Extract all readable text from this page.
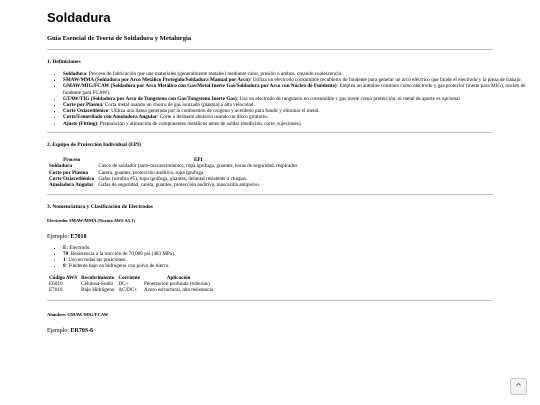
Soldadura
Guía Esencial de Teoría de Soldadura y Metalurgia
1. Definiciones
• Soldadura: Proceso de fabricación que une materiales (generalmente metales) mediante calor, presión o ambos, creando coalescencia.
• SMAW/MMA (Soldadura por Arco Metálico Protegido/Soldadura Manual por Arco): Utiliza un electrodo consumible recubierto de fundente para generar un arco eléctrico que funde el electrodo y la pieza de trabajo.
• GMAW/MIG/FCAW (Soldadura por Arco Metálico con Gas/Metal Inerte Gas/Soldadura por Arco con Núcleo de Fundente): Emplea un alambre continuo como electrodo y gas protector (inerte para MIG), núcleo de fundente para FCAW).
• GTAW/TIG (Soldadura por Arco de Tungsteno con Gas/Tungsteno Inerte Gas): Usa un electrodo de tungsteno no consumible y gas inerte como protección; el metal de aporte es opcional.
• Corte por Plasma: Corta metal usando un chorro de gas ionizado (plasma) a alta velocidad.
• Corte Oxiacetilénico: Utiliza una llama generada por la combustión de oxígeno y acetileno para fundir y eliminar el metal.
• Corte/Esmerilado con Amoladora Angular: Corte o desbaste abrasivo usando un disco giratorio.
• Ajuste (Fitting): Preparación y alineación de componentes metálicos antes de soldar (medición, corte, sujeciones).
2. Equipo de Protección Individual (EPI)
Proceso	EPI
Soldadura	Casco de soldador (auto-oscurecimiento), ropa ignífuga, guantes, botas de seguridad, respirador.
Corte por Plasma	Careta, guantes, protección auditiva, ropa ignífuga.
Corte Oxiacetilénico	Gafas (sombra #5), ropa ignífuga, guantes, delantal resistente a chispas.
Amoladora Angular	Gafas de seguridad, careta, guantes, protección auditiva, mascarilla antipolvo.
3. Nomenclatura y Clasificación de Electrodos
Electrodos SMAW/MMA (Norma AWS A5.1)
Ejemplo: E7018
• E: Electrodo.
• 70: Resistencia a la tracción de 70,000 psi (483 MPa).
• 1: Uso en todas las posiciones.
• 8: Fundente bajo en hidrógeno con polvo de hierro.
Código AWS	Recubrimiento	Corriente	Aplicación
E6010	Celulosa-Sodio	DC+	Penetración profunda (tuberías)
E7018	Bajo Hidrógeno	AC/DC+	Acero estructural, alta resistencia
Alambres GMAW/MIG/FCAW
Ejemplo: ER70S-6
^
